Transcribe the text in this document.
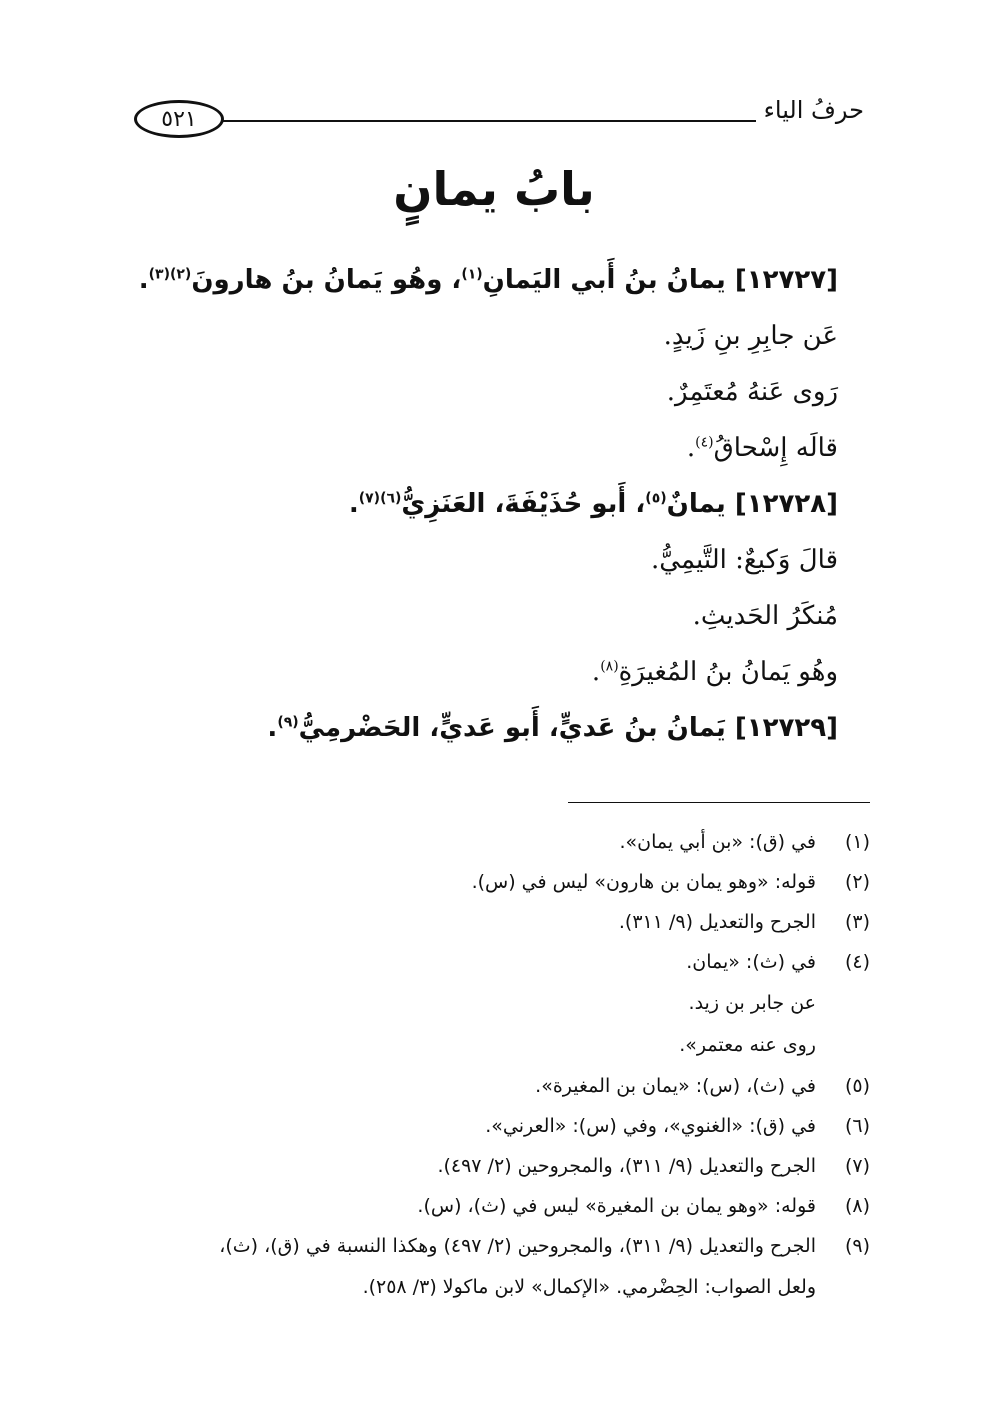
حرفُ الياء
٥٢١
بابُ يمانٍ
[١٢٧٢٧] يمانُ بنُ أَبي اليَمانِ$^{(١)}$، وهُو يَمانُ بنُ هارونَ$^{(٢)(٣)}$.
عَن جابِرِ بنِ زَيدٍ.
رَوى عَنهُ مُعتَمِرٌ.
قالَه إِسْحاقُ$^{(٤)}$.
[١٢٧٢٨] يمانٌ$^{(٥)}$، أَبو حُذَيْفَةَ، العَنَزِيُّ$^{(٦)(٧)}$.
قالَ وَكيعٌ: التَّيمِيُّ.
مُنكَرُ الحَديثِ.
وهُو يَمانُ بنُ المُغيرَةِ$^{(٨)}$.
[١٢٧٢٩] يَمانُ بنُ عَديٍّ، أَبو عَديٍّ، الحَضْرمِيُّ$^{(٩)}$.
(١)
في (ق): «بن أبي يمان».
(٢)
قوله: «وهو يمان بن هارون» ليس في (س).
(٣)
الجرح والتعديل (٩/ ٣١١).
(٤)
في (ث): «يمان.
عن جابر بن زيد.
روى عنه معتمر».
(٥)
في (ث)، (س): «يمان بن المغيرة».
(٦)
في (ق): «الغنوي»، وفي (س): «العرني».
(٧)
الجرح والتعديل (٩/ ٣١١)، والمجروحين (٢/ ٤٩٧).
(٨)
قوله: «وهو يمان بن المغيرة» ليس في (ث)، (س).
(٩)
الجرح والتعديل (٩/ ٣١١)، والمجروحين (٢/ ٤٩٧) وهكذا النسبة في (ق)، (ث)،
ولعل الصواب: الحِضْرمي. «الإكمال» لابن ماكولا (٣/ ٢٥٨).
